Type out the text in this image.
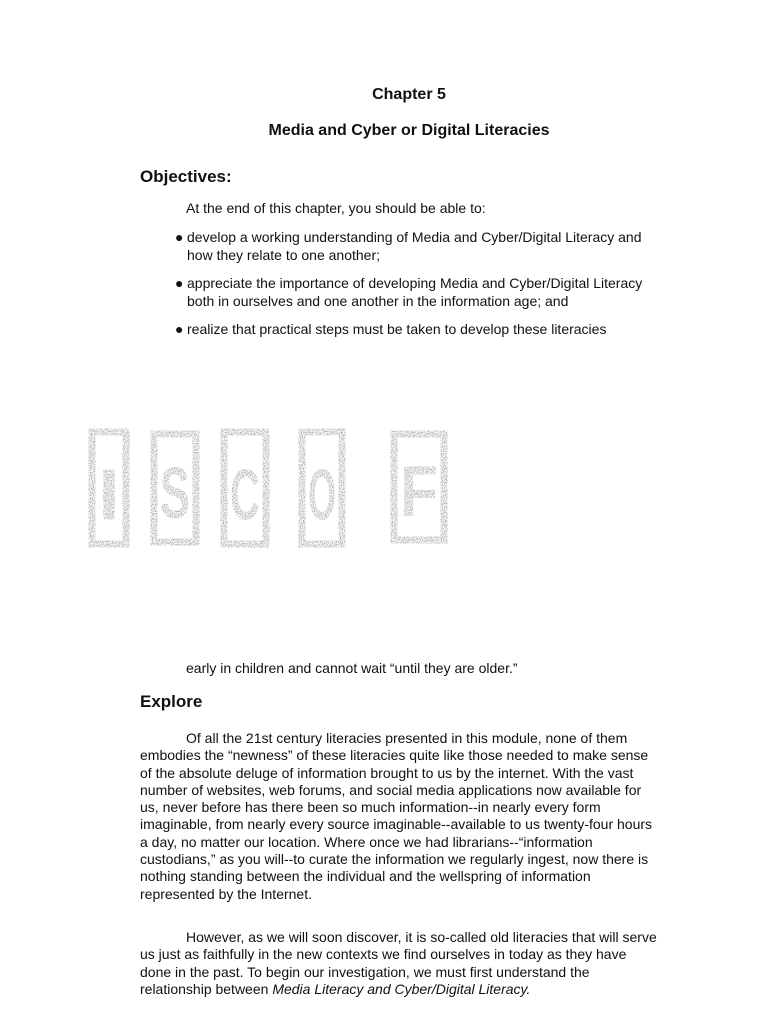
Chapter 5
Media and Cyber or Digital Literacies
Objectives:
At the end of this chapter, you should be able to:
● develop a working understanding of Media and Cyber/Digital Literacy and how they relate to one another;
● appreciate the importance of developing Media and Cyber/Digital Literacy both in ourselves and one another in the information age; and
● realize that practical steps must be taken to develop these literacies
I S C O F
early in children and cannot wait “until they are older.”
Explore

Of all the 21st century literacies presented in this module, none of them embodies the “newness” of these literacies quite like those needed to make sense of the absolute deluge of information brought to us by the internet. With the vast number of websites, web forums, and social media applications now available for us, never before has there been so much information--in nearly every form imaginable, from nearly every source imaginable--available to us twenty-four hours a day, no matter our location. Where once we had librarians--“information custodians,” as you will--to curate the information we regularly ingest, now there is nothing standing between the individual and the wellspring of information represented by the Internet.

However, as we will soon discover, it is so-called old literacies that will serve us just as faithfully in the new contexts we find ourselves in today as they have done in the past. To begin our investigation, we must first understand the relationship between Media Literacy and Cyber/Digital Literacy.
